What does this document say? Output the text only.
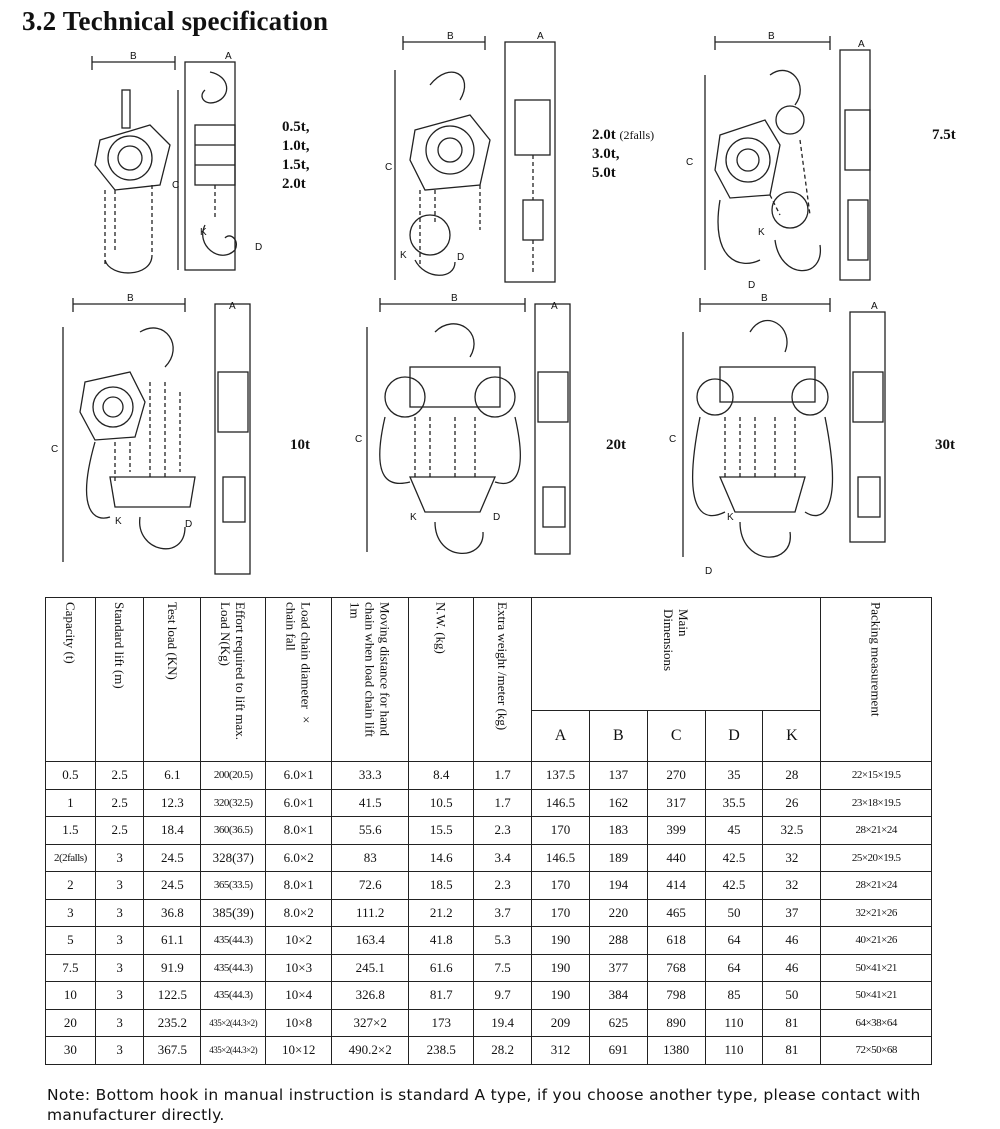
3.2 Technical specification
B	A
C
D
K
0.5t,
1.0t,
1.5t,
2.0t
B	A
C
D
K
2.0t (2falls)
3.0t,
5.0t
B
A
C
D
K
7.5t
B
A
C
D
K
10t
B
A
C
D
K
20t
B
A
C
D
K
30t
Capacity (t)	Standard lift (m)	Test load (KN)	Effort required to lift max. Load N(Kg)	Load chain diameter × chain fall	Moving distance for hand chain when load chain lift 1m	N.W. (kg)	Extra weight /meter (kg)	Main Dimensions					Packing measurement
								A	B	C	D	K	
0.5	2.5	6.1	200(20.5)	6.0×1	33.3	8.4	1.7	137.5	137	270	35	28	22×15×19.5
1	2.5	12.3	320(32.5)	6.0×1	41.5	10.5	1.7	146.5	162	317	35.5	26	23×18×19.5
1.5	2.5	18.4	360(36.5)	8.0×1	55.6	15.5	2.3	170	183	399	45	32.5	28×21×24
2(2falls)	3	24.5	328(37)	6.0×2	83	14.6	3.4	146.5	189	440	42.5	32	25×20×19.5
2	3	24.5	365(33.5)	8.0×1	72.6	18.5	2.3	170	194	414	42.5	32	28×21×24
3	3	36.8	385(39)	8.0×2	111.2	21.2	3.7	170	220	465	50	37	32×21×26
5	3	61.1	435(44.3)	10×2	163.4	41.8	5.3	190	288	618	64	46	40×21×26
7.5	3	91.9	435(44.3)	10×3	245.1	61.6	7.5	190	377	768	64	46	50×41×21
10	3	122.5	435(44.3)	10×4	326.8	81.7	9.7	190	384	798	85	50	50×41×21
20	3	235.2	435×2(44.3×2)	10×8	327×2	173	19.4	209	625	890	110	81	64×38×64
30	3	367.5	435×2(44.3×2)	10×12	490.2×2	238.5	28.2	312	691	1380	110	81	72×50×68
Note: Bottom hook in manual instruction is standard A type, if you choose another type, please contact with manufacturer directly.
